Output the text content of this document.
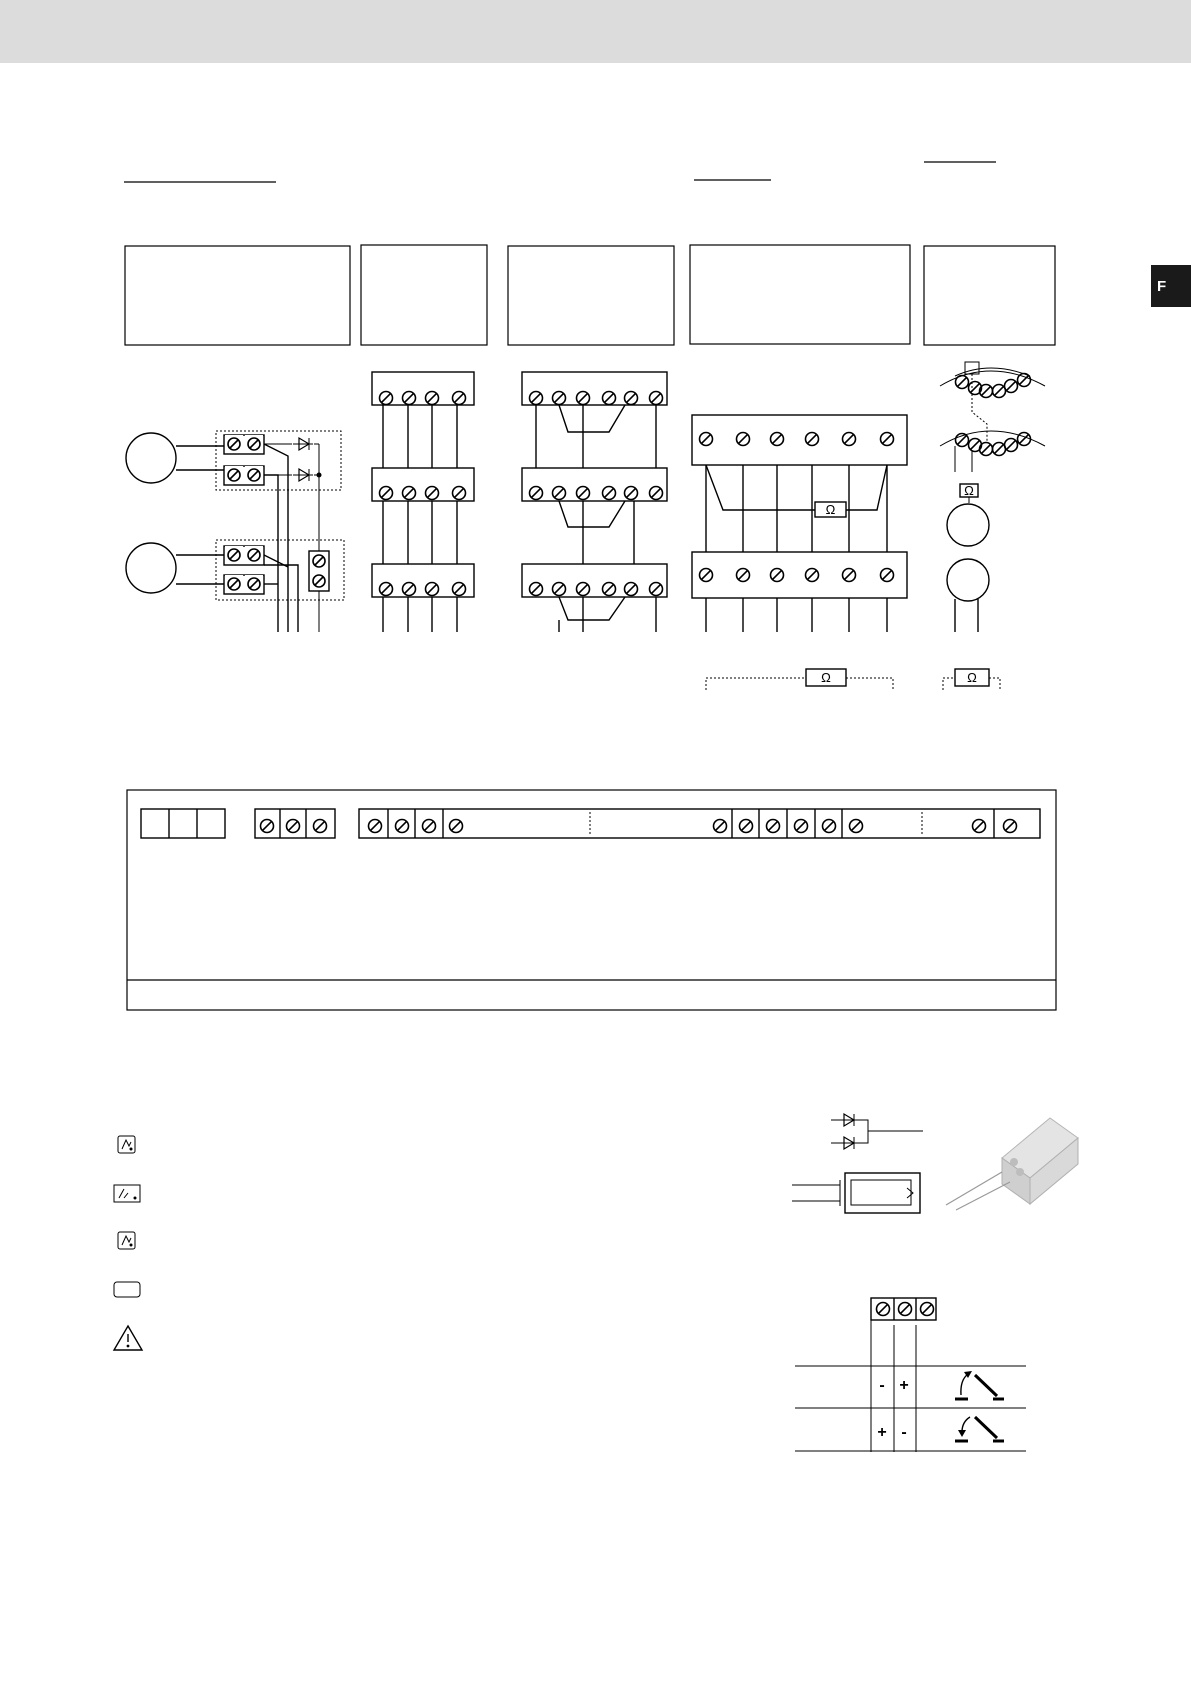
F
Ω
Ω
Ω
Ω
- +
+ -
